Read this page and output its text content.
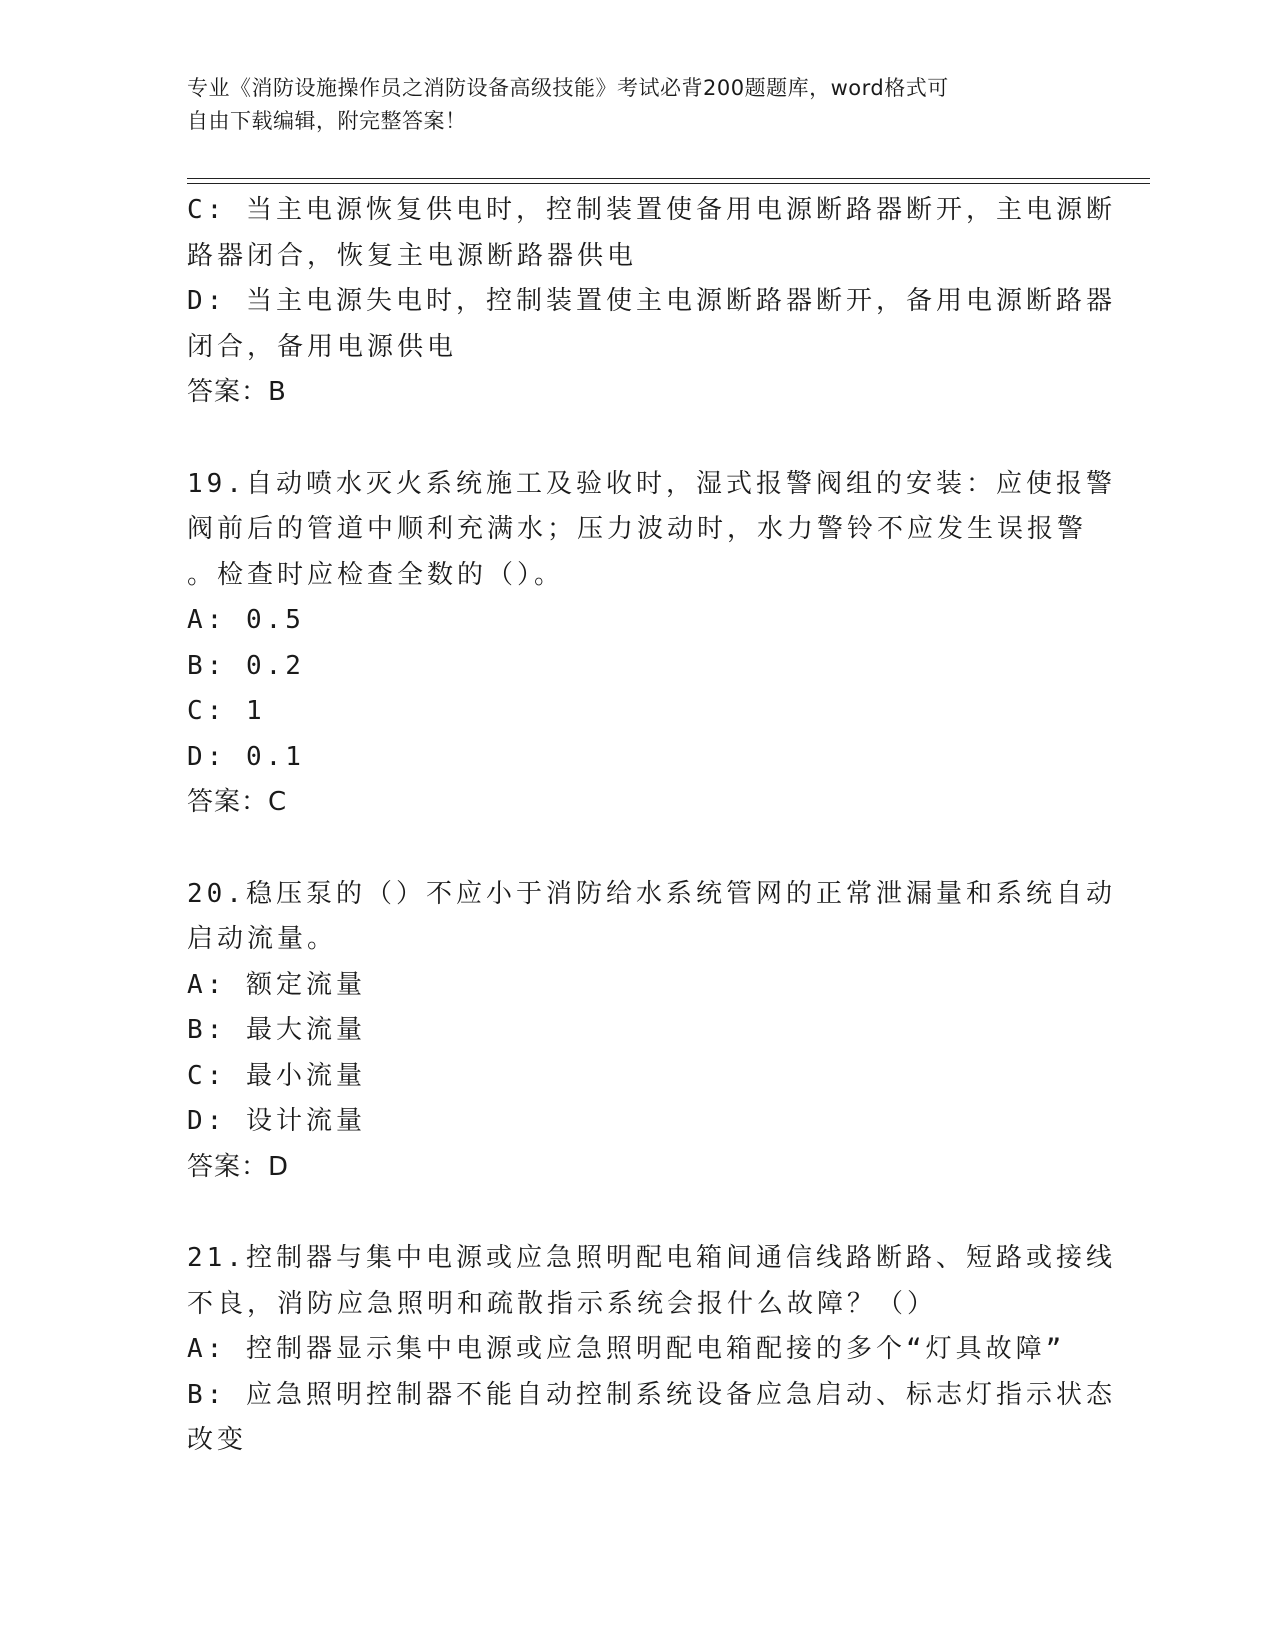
专业《消防设施操作员之消防设备高级技能》考试必背200题题库，word格式可
自由下载编辑，附完整答案！
C: 当主电源恢复供电时，控制装置使备用电源断路器断开，主电源断
路器闭合，恢复主电源断路器供电
D: 当主电源失电时，控制装置使主电源断路器断开，备用电源断路器
闭合，备用电源供电
答案：B
19.自动喷水灭火系统施工及验收时，湿式报警阀组的安装：应使报警
阀前后的管道中顺利充满水；压力波动时，水力警铃不应发生误报警
。检查时应检查全数的（）。
A: 0.5
B: 0.2
C: 1
D: 0.1
答案：C
20.稳压泵的（）不应小于消防给水系统管网的正常泄漏量和系统自动
启动流量。
A: 额定流量
B: 最大流量
C: 最小流量
D: 设计流量
答案：D
21.控制器与集中电源或应急照明配电箱间通信线路断路、短路或接线
不良，消防应急照明和疏散指示系统会报什么故障？（）
A: 控制器显示集中电源或应急照明配电箱配接的多个“灯具故障”
B: 应急照明控制器不能自动控制系统设备应急启动、标志灯指示状态
改变
